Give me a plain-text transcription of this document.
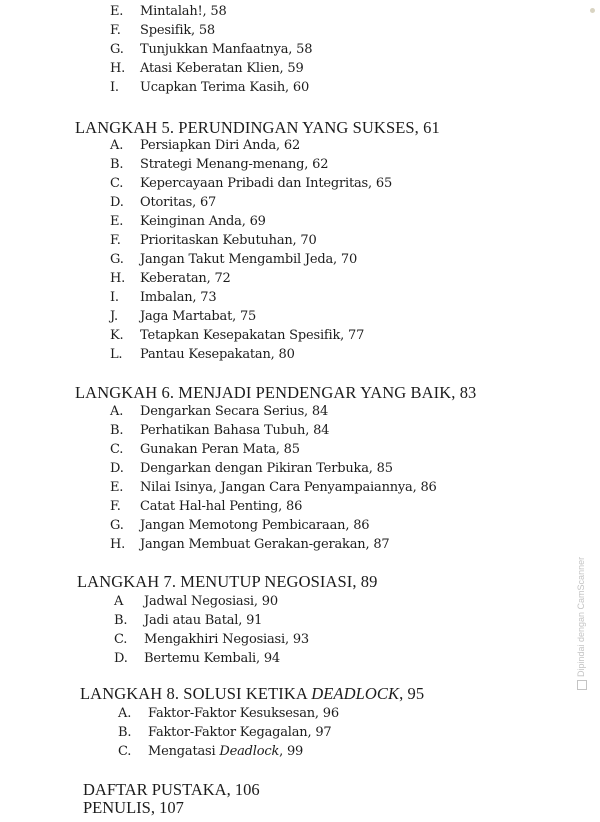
E. Mintalah!, 58
F. Spesifik, 58
G. Tunjukkan Manfaatnya, 58
H. Atasi Keberatan Klien, 59
I. Ucapkan Terima Kasih, 60
LANGKAH 5. PERUNDINGAN YANG SUKSES, 61
A. Persiapkan Diri Anda, 62
B. Strategi Menang-menang, 62
C. Kepercayaan Pribadi dan Integritas, 65
D. Otoritas, 67
E. Keinginan Anda, 69
F. Prioritaskan Kebutuhan, 70
G. Jangan Takut Mengambil Jeda, 70
H. Keberatan, 72
I. Imbalan, 73
J. Jaga Martabat, 75
K. Tetapkan Kesepakatan Spesifik, 77
L. Pantau Kesepakatan, 80
LANGKAH 6. MENJADI PENDENGAR YANG BAIK, 83
A. Dengarkan Secara Serius, 84
B. Perhatikan Bahasa Tubuh, 84
C. Gunakan Peran Mata, 85
D. Dengarkan dengan Pikiran Terbuka, 85
E. Nilai Isinya, Jangan Cara Penyampaiannya, 86
F. Catat Hal-hal Penting, 86
G. Jangan Memotong Pembicaraan, 86
H. Jangan Membuat Gerakan-gerakan, 87
LANGKAH 7. MENUTUP NEGOSIASI, 89
A Jadwal Negosiasi, 90
B. Jadi atau Batal, 91
C. Mengakhiri Negosiasi, 93
D. Bertemu Kembali, 94
LANGKAH 8. SOLUSI KETIKA DEADLOCK, 95
A. Faktor-Faktor Kesuksesan, 96
B. Faktor-Faktor Kegagalan, 97
C. Mengatasi Deadlock, 99
DAFTAR PUSTAKA, 106
PENULIS, 107
Dipindai dengan CamScanner
